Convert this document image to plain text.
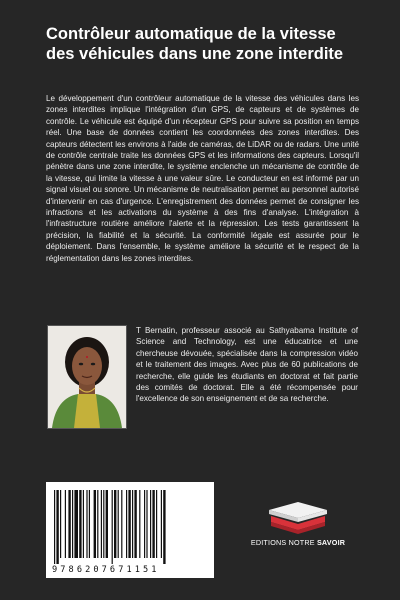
Contrôleur automatique de la vitesse des véhicules dans une zone interdite

Le développement d'un contrôleur automatique de la vitesse des véhicules dans les zones interdites implique l'intégration d'un GPS, de capteurs et de systèmes de contrôle. Le véhicule est équipé d'un récepteur GPS pour suivre sa position en temps réel. Une base de données contient les coordonnées des zones interdites. Des capteurs détectent les environs à l'aide de caméras, de LiDAR ou de radars. Une unité de contrôle centrale traite les données GPS et les informations des capteurs. Lorsqu'il pénètre dans une zone interdite, le système enclenche un mécanisme de contrôle de la vitesse, qui limite la vitesse à une valeur sûre. Le conducteur en est informé par un signal visuel ou sonore. Un mécanisme de neutralisation permet au personnel autorisé d'intervenir en cas d'urgence. L'enregistrement des données permet de consigner les infractions et les activations du système à des fins d'analyse. L'intégration à l'infrastructure routière améliore l'alerte et la répression. Les tests garantissent la précision, la fiabilité et la sécurité. La conformité légale est assurée pour le déploiement. Dans l'ensemble, le système améliore la sécurité et le respect de la réglementation dans les zones interdites.

T Bernatin, professeur associé au Sathyabama Institute of Science and Technology, est une éducatrice et une chercheuse dévouée, spécialisée dans la compression vidéo et le traitement des images. Avec plus de 60 publications de recherche, elle guide les étudiants en doctorat et fait partie des comités de doctorat. Elle a été récompensée pour l'excellence de son enseignement et de sa recherche.

9786207671151
EDITIONS NOTRE SAVOIR
